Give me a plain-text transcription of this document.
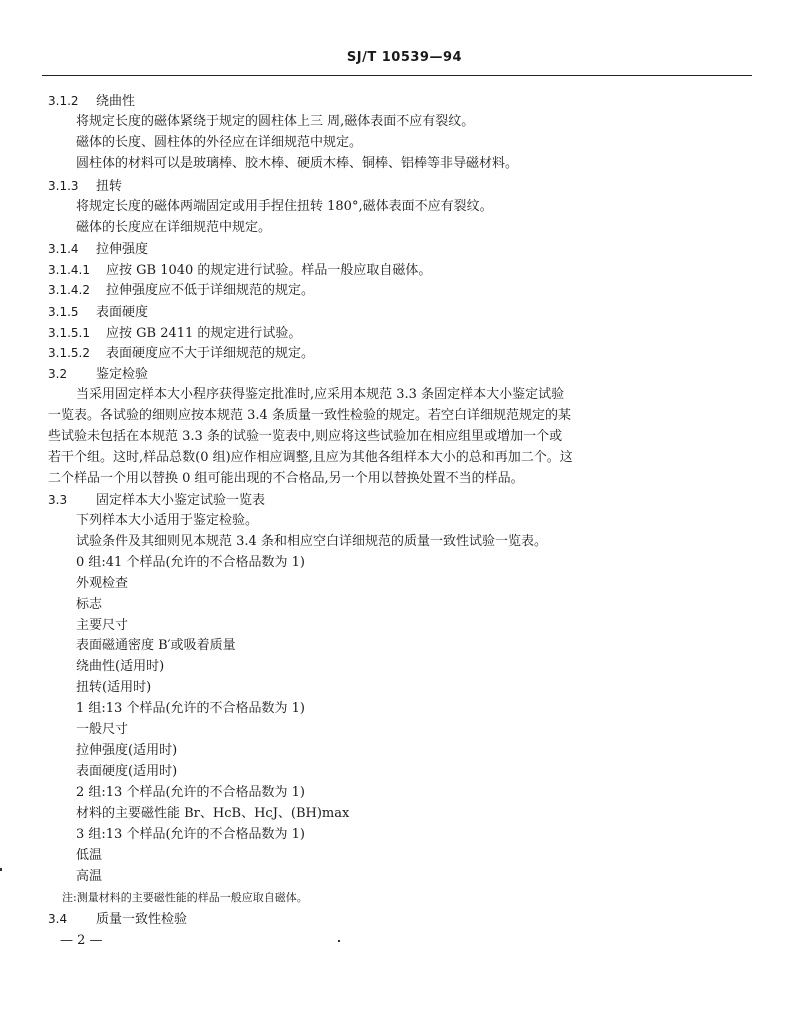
SJ/T 10539—94
3.1.2 绕曲性
将规定长度的磁体紧绕于规定的圆柱体上三 周,磁体表面不应有裂纹。
磁体的长度、圆柱体的外径应在详细规范中规定。
圆柱体的材料可以是玻璃棒、胶木棒、硬质木棒、铜棒、铝棒等非导磁材料。
3.1.3 扭转
将规定长度的磁体两端固定或用手捏住扭转 180°,磁体表面不应有裂纹。
磁体的长度应在详细规范中规定。
3.1.4 拉伸强度
3.1.4.1 应按 GB 1040 的规定进行试验。样品一般应取自磁体。
3.1.4.2 拉伸强度应不低于详细规范的规定。
3.1.5 表面硬度
3.1.5.1 应按 GB 2411 的规定进行试验。
3.1.5.2 表面硬度应不大于详细规范的规定。
3.2 鉴定检验
当采用固定样本大小程序获得鉴定批准时,应采用本规范 3.3 条固定样本大小鉴定试验
一览表。各试验的细则应按本规范 3.4 条质量一致性检验的规定。若空白详细规范规定的某
些试验未包括在本规范 3.3 条的试验一览表中,则应将这些试验加在相应组里或增加一个或
若干个组。这时,样品总数(0 组)应作相应调整,且应为其他各组样本大小的总和再加二个。这
二个样品一个用以替换 0 组可能出现的不合格品,另一个用以替换处置不当的样品。
3.3 固定样本大小鉴定试验一览表
下列样本大小适用于鉴定检验。
试验条件及其细则见本规范 3.4 条和相应空白详细规范的质量一致性试验一览表。
0 组:41 个样品(允许的不合格品数为 1)
外观检查
标志
主要尺寸
表面磁通密度 B′或吸着质量
绕曲性(适用时)
扭转(适用时)
1 组:13 个样品(允许的不合格品数为 1)
一般尺寸
拉伸强度(适用时)
表面硬度(适用时)
2 组:13 个样品(允许的不合格品数为 1)
材料的主要磁性能 Br、HcB、HcJ、(BH)max
3 组:13 个样品(允许的不合格品数为 1)
低温
高温
注:测量材料的主要磁性能的样品一般应取自磁体。
3.4 质量一致性检验
— 2 —
